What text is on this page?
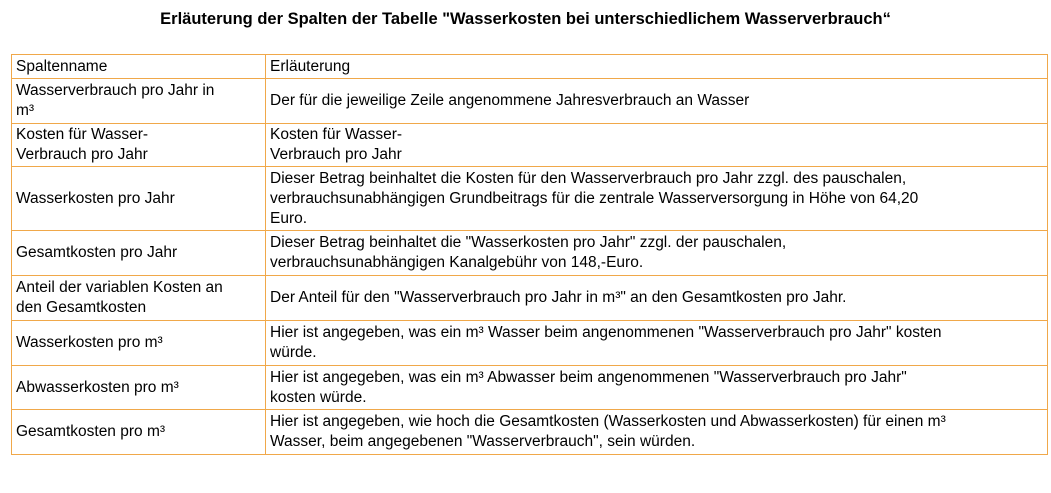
Erläuterung der Spalten der Tabelle "Wasserkosten bei unterschiedlichem Wasserverbrauch“
Spaltenname	Erläuterung
Wasserverbrauch pro Jahr in
m³	Der für die jeweilige Zeile angenommene Jahresverbrauch an Wasser
Kosten für Wasser-
Verbrauch pro Jahr	Kosten für Wasser-
Verbrauch pro Jahr
Wasserkosten pro Jahr	Dieser Betrag beinhaltet die Kosten für den Wasserverbrauch pro Jahr zzgl. des pauschalen,
verbrauchsunabhängigen Grundbeitrags für die zentrale Wasserversorgung in Höhe von 64,20
Euro.
Gesamtkosten pro Jahr	Dieser Betrag beinhaltet die "Wasserkosten pro Jahr" zzgl. der pauschalen,
verbrauchsunabhängigen Kanalgebühr von 148,-Euro.
Anteil der variablen Kosten an
den Gesamtkosten	Der Anteil für den "Wasserverbrauch pro Jahr in m³" an den Gesamtkosten pro Jahr.
Wasserkosten pro m³	Hier ist angegeben, was ein m³ Wasser beim angenommenen "Wasserverbrauch pro Jahr" kosten
würde.
Abwasserkosten pro m³	Hier ist angegeben, was ein m³ Abwasser beim angenommenen "Wasserverbrauch pro Jahr"
kosten würde.
Gesamtkosten pro m³	Hier ist angegeben, wie hoch die Gesamtkosten (Wasserkosten und Abwasserkosten) für einen m³
Wasser, beim angegebenen "Wasserverbrauch", sein würden.
